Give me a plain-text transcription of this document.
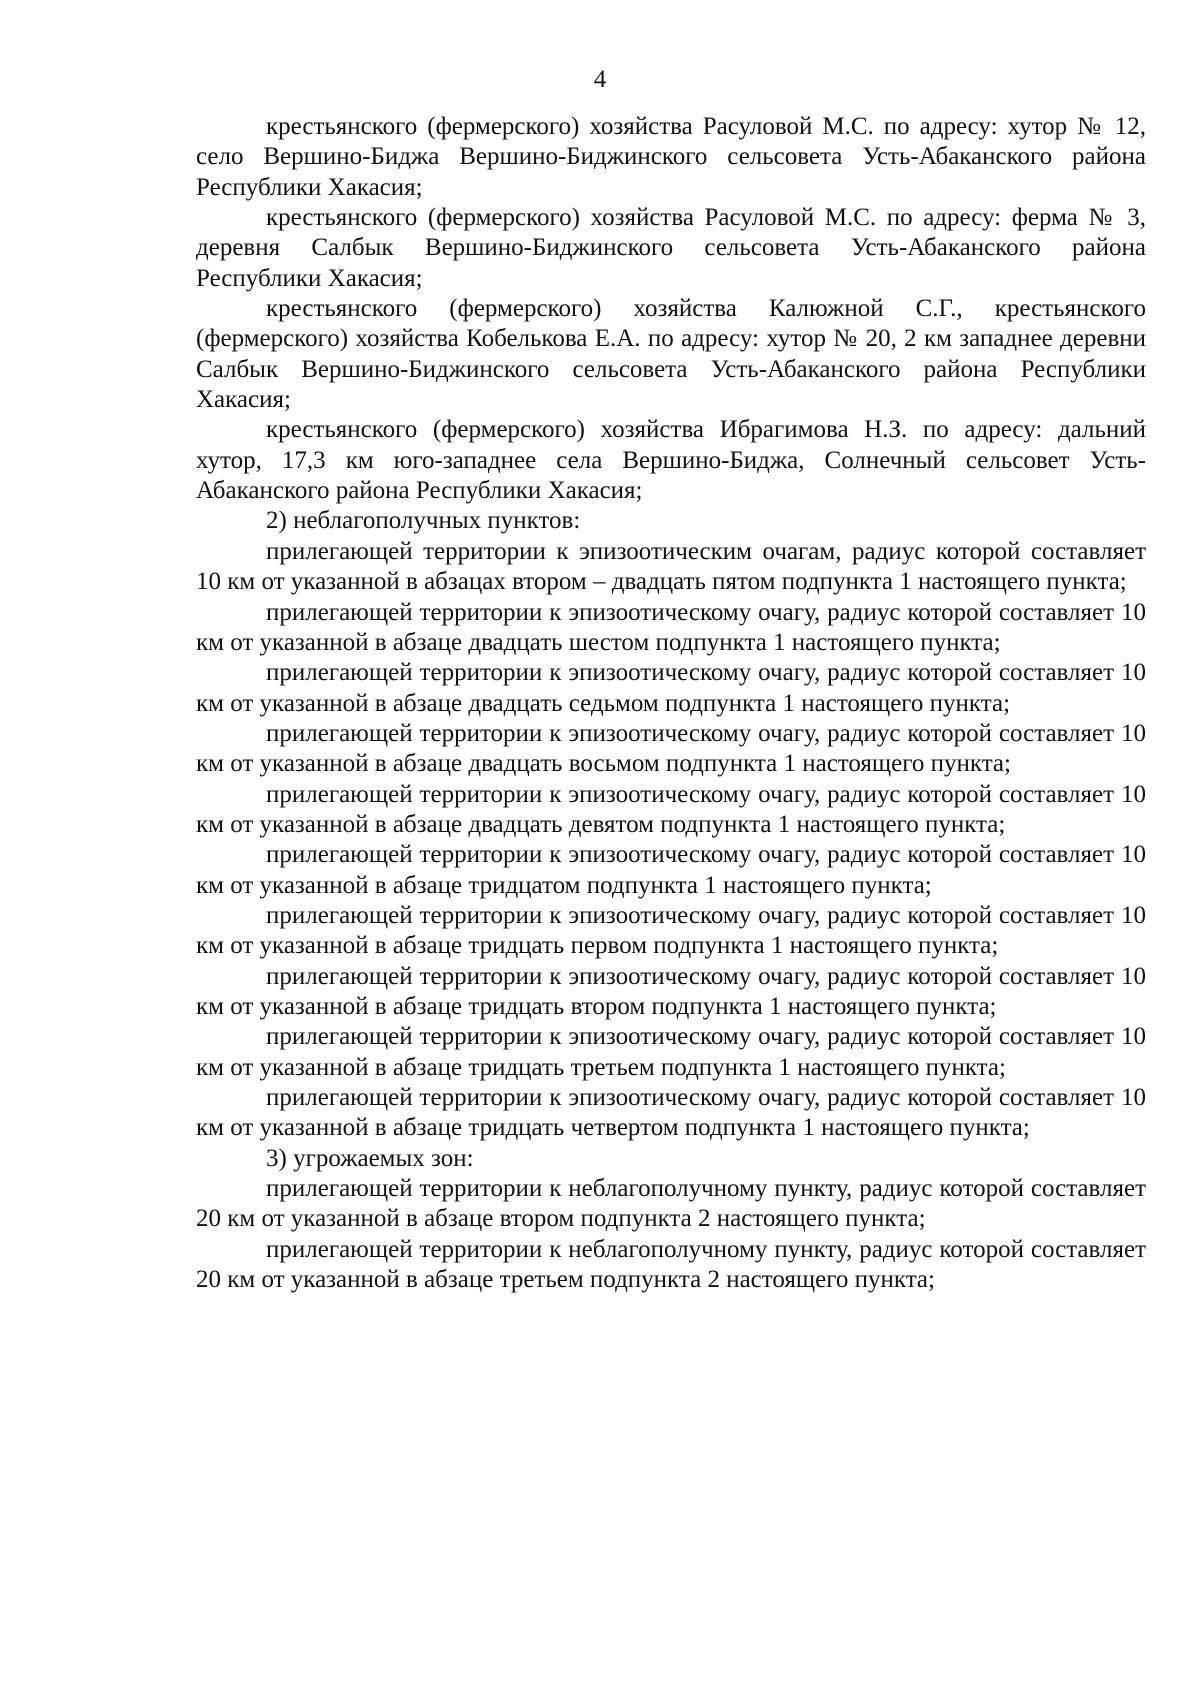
4

крестьянского (фермерского) хозяйства Расуловой М.С. по адресу: хутор № 12, село Вершино-Биджа Вершино-Биджинского сельсовета Усть-Абаканского района Республики Хакасия;

крестьянского (фермерского) хозяйства Расуловой М.С. по адресу: ферма № 3, деревня Салбык Вершино-Биджинского сельсовета Усть-Абаканского района Республики Хакасия;

крестьянского (фермерского) хозяйства Калюжной С.Г., крестьянского (фермерского) хозяйства Кобелькова Е.А. по адресу: хутор № 20, 2 км западнее деревни Салбык Вершино-Биджинского сельсовета Усть-Абаканского района Республики Хакасия;

крестьянского (фермерского) хозяйства Ибрагимова Н.З. по адресу: дальний хутор, 17,3 км юго-западнее села Вершино-Биджа, Солнечный сельсовет Усть-Абаканского района Республики Хакасия;

2) неблагополучных пунктов:

прилегающей территории к эпизоотическим очагам, радиус которой составляет 10 км от указанной в абзацах втором – двадцать пятом подпункта 1 настоящего пункта;

прилегающей территории к эпизоотическому очагу, радиус которой составляет 10 км от указанной в абзаце двадцать шестом подпункта 1 настоящего пункта;

прилегающей территории к эпизоотическому очагу, радиус которой составляет 10 км от указанной в абзаце двадцать седьмом подпункта 1 настоящего пункта;

прилегающей территории к эпизоотическому очагу, радиус которой составляет 10 км от указанной в абзаце двадцать восьмом подпункта 1 настоящего пункта;

прилегающей территории к эпизоотическому очагу, радиус которой составляет 10 км от указанной в абзаце двадцать девятом подпункта 1 настоящего пункта;

прилегающей территории к эпизоотическому очагу, радиус которой составляет 10 км от указанной в абзаце тридцатом подпункта 1 настоящего пункта;

прилегающей территории к эпизоотическому очагу, радиус которой составляет 10 км от указанной в абзаце тридцать первом подпункта 1 настоящего пункта;

прилегающей территории к эпизоотическому очагу, радиус которой составляет 10 км от указанной в абзаце тридцать втором подпункта 1 настоящего пункта;

прилегающей территории к эпизоотическому очагу, радиус которой составляет 10 км от указанной в абзаце тридцать третьем подпункта 1 настоящего пункта;

прилегающей территории к эпизоотическому очагу, радиус которой составляет 10 км от указанной в абзаце тридцать четвертом подпункта 1 настоящего пункта;

3) угрожаемых зон:

прилегающей территории к неблагополучному пункту, радиус которой составляет 20 км от указанной в абзаце втором подпункта 2 настоящего пункта;

прилегающей территории к неблагополучному пункту, радиус которой составляет 20 км от указанной в абзаце третьем подпункта 2 настоящего пункта;
